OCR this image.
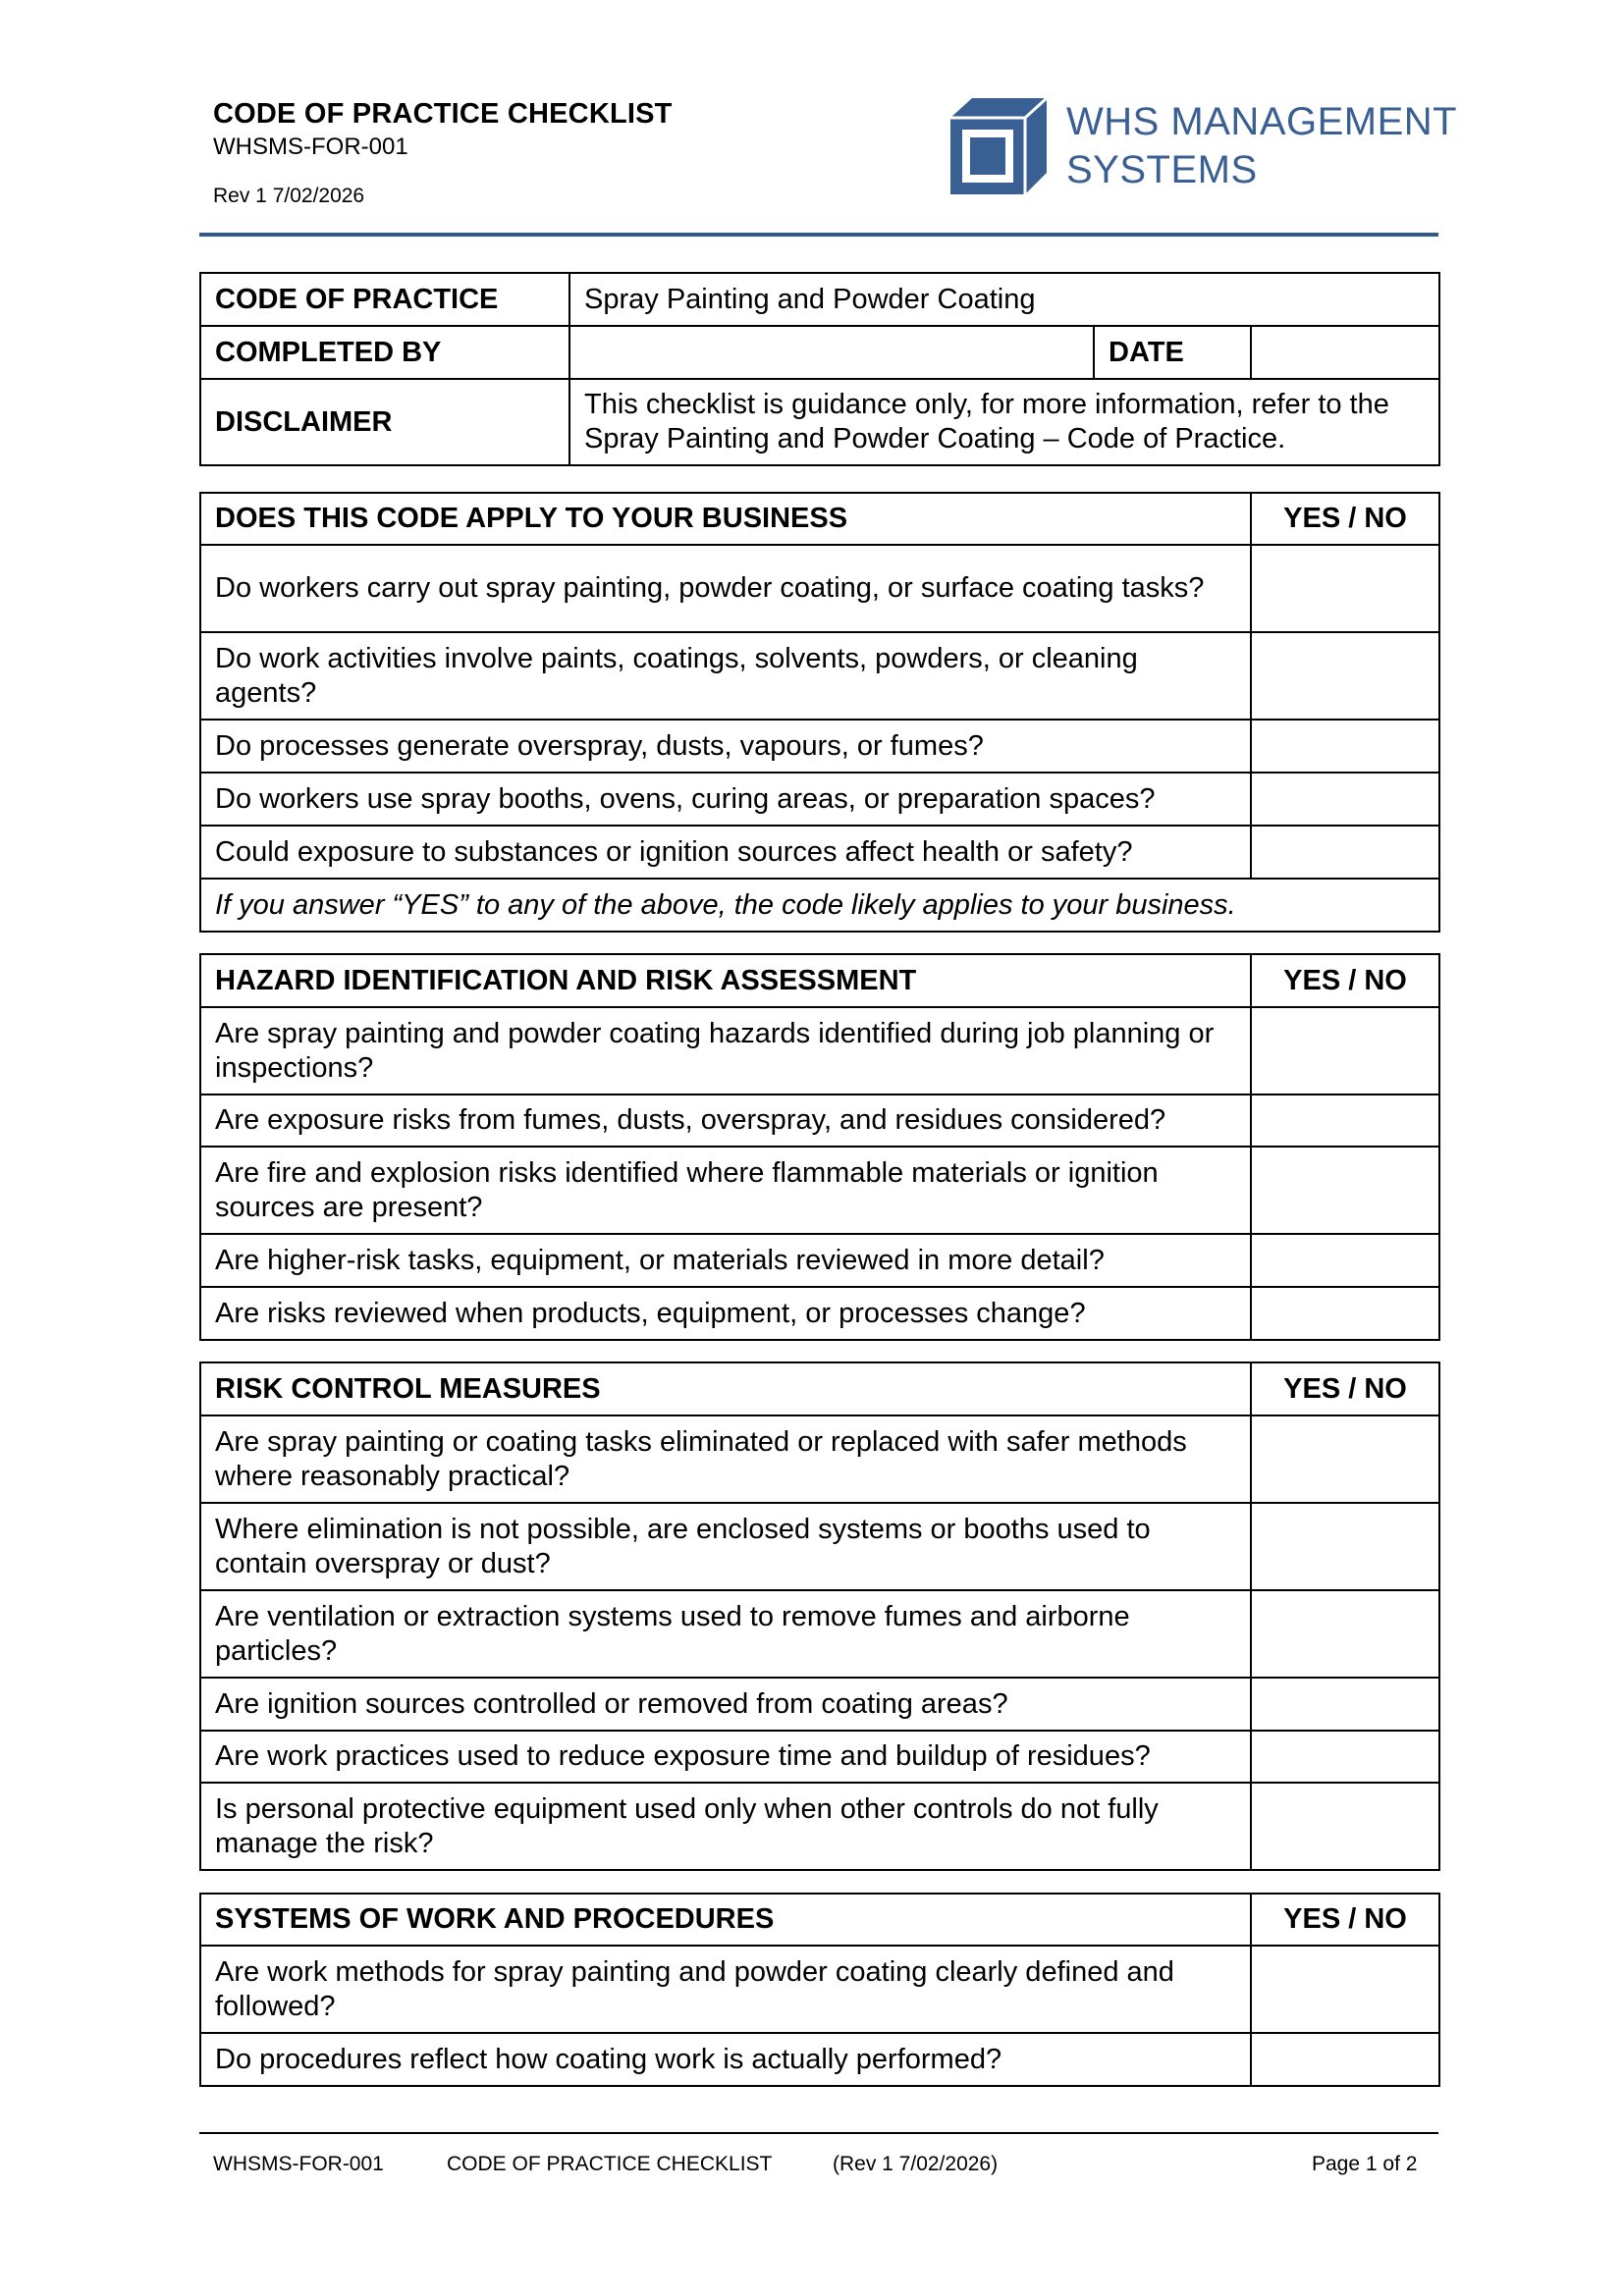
CODE OF PRACTICE CHECKLIST
WHSMS-FOR-001
Rev 1 7/02/2026
WHS MANAGEMENT
SYSTEMS
CODE OF PRACTICE	Spray Painting and Powder Coating		
COMPLETED BY		DATE	
DISCLAIMER	This checklist is guidance only, for more information, refer to the Spray Painting and Powder Coating – Code of Practice.		
DOES THIS CODE APPLY TO YOUR BUSINESS	YES / NO
Do workers carry out spray painting, powder coating, or surface coating tasks?	
Do work activities involve paints, coatings, solvents, powders, or cleaning agents?	
Do processes generate overspray, dusts, vapours, or fumes?	
Do workers use spray booths, ovens, curing areas, or preparation spaces?	
Could exposure to substances or ignition sources affect health or safety?	
If you answer “YES” to any of the above, the code likely applies to your business.	
HAZARD IDENTIFICATION AND RISK ASSESSMENT	YES / NO
Are spray painting and powder coating hazards identified during job planning or inspections?	
Are exposure risks from fumes, dusts, overspray, and residues considered?	
Are fire and explosion risks identified where flammable materials or ignition sources are present?	
Are higher-risk tasks, equipment, or materials reviewed in more detail?	
Are risks reviewed when products, equipment, or processes change?	
RISK CONTROL MEASURES	YES / NO
Are spray painting or coating tasks eliminated or replaced with safer methods where reasonably practical?	
Where elimination is not possible, are enclosed systems or booths used to contain overspray or dust?	
Are ventilation or extraction systems used to remove fumes and airborne particles?	
Are ignition sources controlled or removed from coating areas?	
Are work practices used to reduce exposure time and buildup of residues?	
Is personal protective equipment used only when other controls do not fully manage the risk?	
SYSTEMS OF WORK AND PROCEDURES	YES / NO
Are work methods for spray painting and powder coating clearly defined and followed?	
Do procedures reflect how coating work is actually performed?	
WHSMS-FOR-001	CODE OF PRACTICE CHECKLIST	(Rev 1 7/02/2026)	Page 1 of 2
